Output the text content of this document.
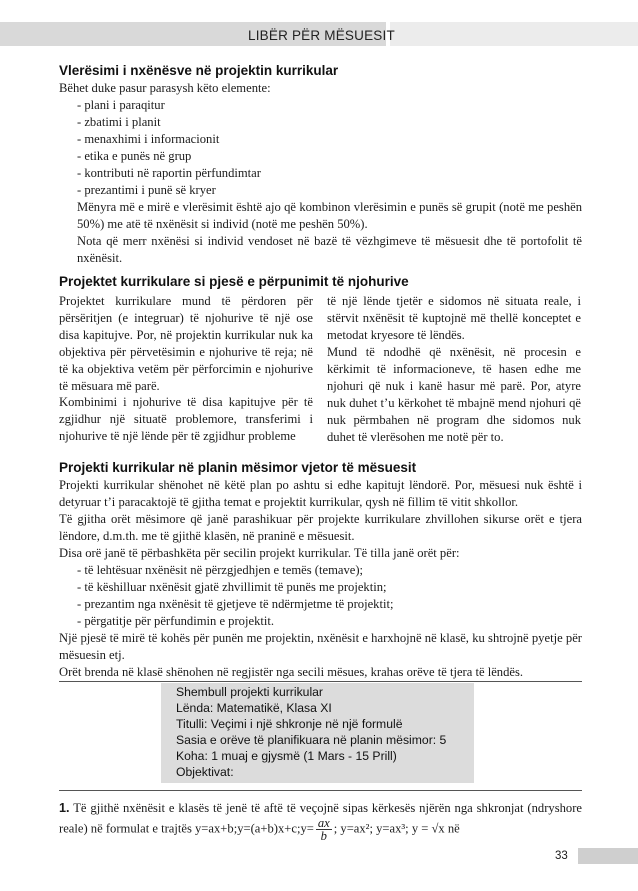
LIBËR PËR MËSUESIT
Vlerësimi i nxënësve në projektin kurrikular
Bëhet duke pasur parasysh këto elemente:
- plani i paraqitur
- zbatimi i planit
- menaxhimi i informacionit
- etika e punës në grup
- kontributi në raportin përfundimtar
- prezantimi i punë së kryer
Mënyra më e mirë e vlerësimit është ajo që kombinon vlerësimin e punës së grupit (notë me peshën 50%) me atë të nxënësit si individ (notë me peshën 50%).
Nota që merr nxënësi si individ vendoset në bazë të vëzhgimeve të mësuesit dhe të portofolit të nxënësit.
Projektet kurrikulare si pjesë e përpunimit të njohurive
Projektet kurrikulare mund të përdoren për përsëritjen (e integruar) të njohurive të një ose disa kapitujve. Por, në projektin kurrikular nuk ka objektiva për përvetësimin e njohurive të reja; në të ka objektiva vetëm për përforcimin e njohurive të mësuara më parë.
Kombinimi i njohurive të disa kapitujve për të zgjidhur një situatë problemore, transferimi i njohurive të një lënde për të zgjidhur probleme
të një lënde tjetër e sidomos në situata reale, i stërvit nxënësit të kuptojnë më thellë konceptet e metodat kryesore të lëndës.
Mund të ndodhë që nxënësit, në procesin e kërkimit të informacioneve, të hasen edhe me njohuri që nuk i kanë hasur më parë. Por, atyre nuk duhet t’u kërkohet të mbajnë mend njohuri që nuk përmbahen në program dhe sidomos nuk duhet të vlerësohen me notë për to.
Projekti kurrikular në planin mësimor vjetor të mësuesit
Projekti kurrikular shënohet në këtë plan po ashtu si edhe kapitujt lëndorë. Por, mësuesi nuk është i detyruar t’i paracaktojë të gjitha temat e projektit kurrikular, qysh në fillim të vitit shkollor.
Të gjitha orët mësimore që janë parashikuar për projekte kurrikulare zhvillohen sikurse orët e tjera lëndore, d.m.th. me të gjithë klasën, në praninë e mësuesit.
Disa orë janë të përbashkëta për secilin projekt kurrikular. Të tilla janë orët për:
- të lehtësuar nxënësit në përzgjedhjen e temës (temave);
- të këshilluar nxënësit gjatë zhvillimit të punës me projektin;
- prezantim nga nxënësit të gjetjeve të ndërmjetme të projektit;
- përgatitje për përfundimin e projektit.
Një pjesë të mirë të kohës për punën me projektin, nxënësit e harxhojnë në klasë, ku shtrojnë pyetje për mësuesin etj.
Orët brenda në klasë shënohen në regjistër nga secili mësues, krahas orëve të tjera të lëndës.
Shembull projekti kurrikular
Lënda: Matematikë, Klasa XI
Titulli: Veçimi i një shkronje në një formulë
Sasia e orëve të planifikuara në planin mësimor: 5
Koha: 1 muaj e gjysmë (1 Mars - 15 Prill)
Objektivat:
1. Të gjithë nxënësit e klasës të jenë të aftë të veçojnë sipas kërkesës njërën nga shkronjat (ndryshore reale) në formulat e trajtës y=ax+b;y=(a+b)x+c;y= $\frac{ax}{b}$ ; y=ax²; y=ax³; y = √x në
33
